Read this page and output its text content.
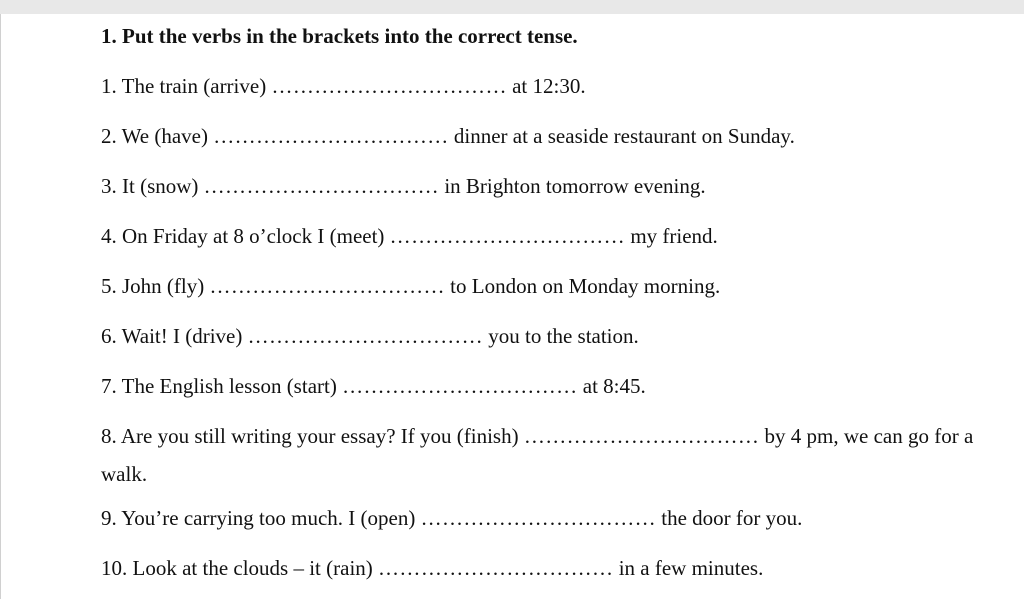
1. Put the verbs in the brackets into the correct tense.
1. The train (arrive) …………………………… at 12:30.
2. We (have) …………………………… dinner at a seaside restaurant on Sunday.
3. It (snow) …………………………… in Brighton tomorrow evening.
4. On Friday at 8 o’clock I (meet) …………………………… my friend.
5. John (fly) …………………………… to London on Monday morning.
6. Wait! I (drive) …………………………… you to the station.
7. The English lesson (start) …………………………… at 8:45.
8. Are you still writing your essay? If you (finish) …………………………… by 4 pm, we can go for a walk.
9. You’re carrying too much. I (open) …………………………… the door for you.
10. Look at the clouds – it (rain) …………………………… in a few minutes.
